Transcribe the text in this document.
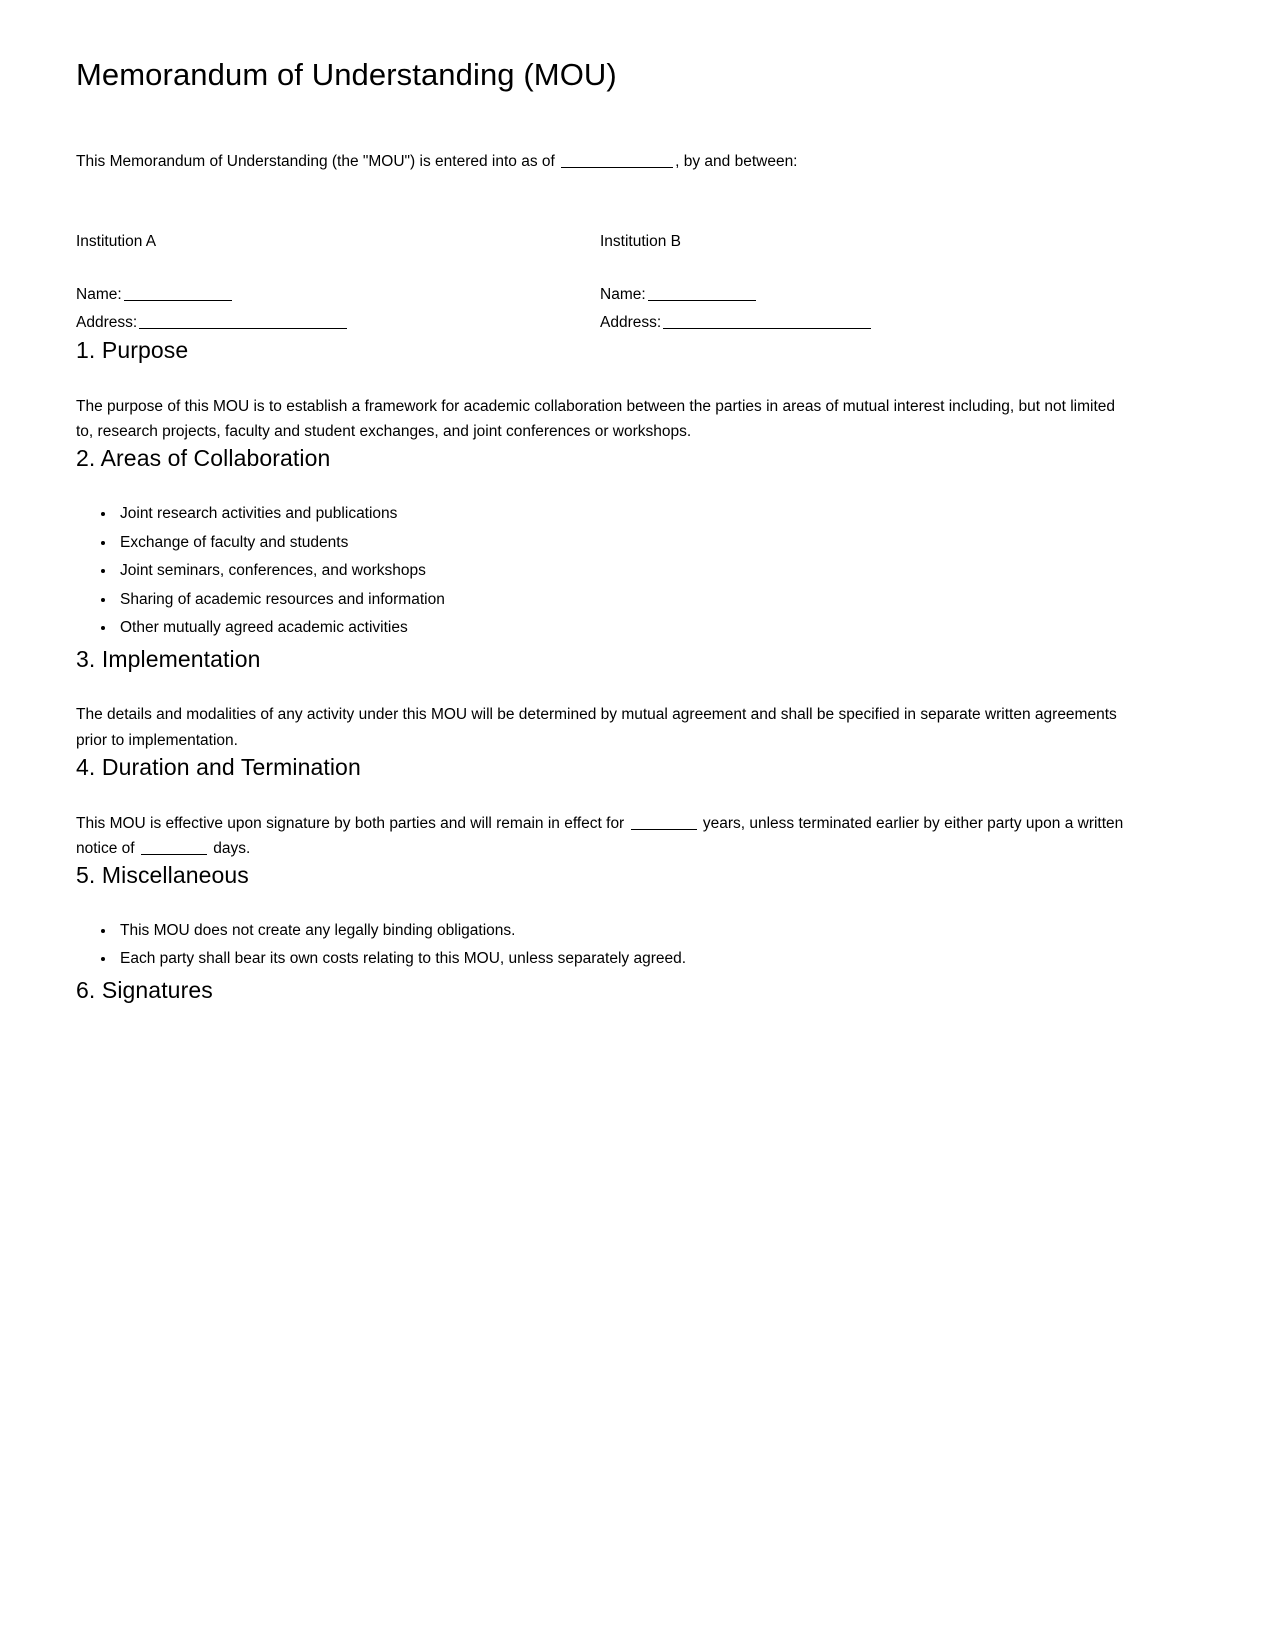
Memorandum of Understanding (MOU)

This Memorandum of Understanding (the "MOU") is entered into as of	, by and between:

Institution A

Name:

Address:

Institution B

Name:

Address:

1. Purpose

The purpose of this MOU is to establish a framework for academic collaboration between the parties in areas of mutual interest including, but not limited to, research projects, faculty and student exchanges, and joint conferences or workshops.

2. Areas of Collaboration
• Joint research activities and publications
• Exchange of faculty and students
• Joint seminars, conferences, and workshops
• Sharing of academic resources and information
• Other mutually agreed academic activities
3. Implementation

The details and modalities of any activity under this MOU will be determined by mutual agreement and shall be specified in separate written agreements prior to implementation.

4. Duration and Termination

This MOU is effective upon signature by both parties and will remain in effect for	years, unless terminated earlier by either party upon a written notice of	days.

5. Miscellaneous
• This MOU does not create any legally binding obligations.
• Each party shall bear its own costs relating to this MOU, unless separately agreed.
6. Signatures
